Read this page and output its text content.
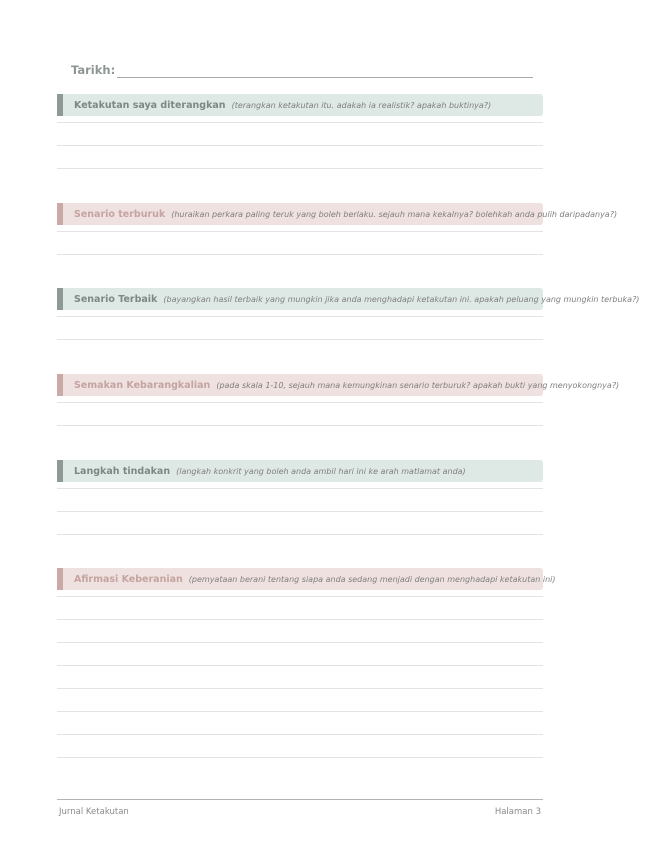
Tarikh:
Ketakutan saya diterangkan (terangkan ketakutan itu. adakah ia realistik? apakah buktinya?)
Senario terburuk (huraikan perkara paling teruk yang boleh berlaku. sejauh mana kekalnya? bolehkah anda pulih daripadanya?)
Senario Terbaik (bayangkan hasil terbaik yang mungkin jika anda menghadapi ketakutan ini. apakah peluang yang mungkin terbuka?)
Semakan Kebarangkalian (pada skala 1-10, sejauh mana kemungkinan senario terburuk? apakah bukti yang menyokongnya?)
Langkah tindakan (langkah konkrit yang boleh anda ambil hari ini ke arah matlamat anda)
Afirmasi Keberanian (pemyataan berani tentang siapa anda sedang menjadi dengan menghadapi ketakutan ini)
Jurnal Ketakutan	Halaman 3
